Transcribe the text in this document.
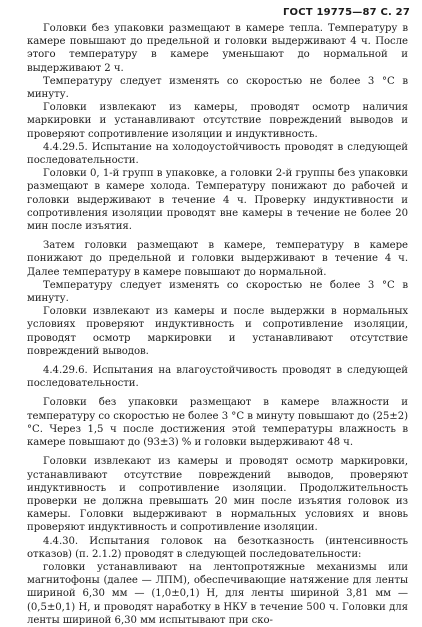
ГОСТ 19775—87 С. 27

Головки без упаковки размещают в камере тепла. Температуру в камере повышают до предельной и головки выдерживают 4 ч. После этого температуру в камере уменьшают до нормальной и выдерживают 2 ч.

Температуру следует изменять со скоростью не более 3 °С в минуту.

Головки извлекают из камеры, проводят осмотр наличия маркировки и устанавливают отсутствие повреждений выводов и проверяют сопротивление изоляции и индуктивность.

4.4.29.5. Испытание на холодоустойчивость проводят в следующей последовательности.

Головки 0, 1-й групп в упаковке, а головки 2-й группы без упаковки размещают в камере холода. Температуру понижают до рабочей и головки выдерживают в течение 4 ч. Проверку индуктивности и сопротивления изоляции проводят вне камеры в течение не более 20 мин после изъятия.

Затем головки размещают в камере, температуру в камере понижают до предельной и головки выдерживают в течение 4 ч. Далее температуру в камере повышают до нормальной.

Температуру следует изменять со скоростью не более 3 °С в минуту.

Головки извлекают из камеры и после выдержки в нормальных условиях проверяют индуктивность и сопротивление изоляции, проводят осмотр маркировки и устанавливают отсутствие повреждений выводов.

4.4.29.6. Испытания на влагоустойчивость проводят в следующей последовательности.

Головки без упаковки размещают в камере влажности и температуру со скоростью не более 3 °С в минуту повышают до (25±2) °С. Через 1,5 ч после достижения этой температуры влажность в камере повышают до (93±3) % и головки выдерживают 48 ч.

Головки извлекают из камеры и проводят осмотр маркировки, устанавливают отсутствие повреждений выводов, проверяют индуктивность и сопротивление изоляции. Продолжительность проверки не должна превышать 20 мин после изъятия головок из камеры. Головки выдерживают в нормальных условиях и вновь проверяют индуктивность и сопротивление изоляции.

4.4.30. Испытания головок на безотказность (интенсивность отказов) (п. 2.1.2) проводят в следующей последовательности:

головки устанавливают на лентопротяжные механизмы или магнитофоны (далее — ЛПМ), обеспечивающие натяжение для ленты шириной 6,30 мм — (1,0±0,1) Н, для ленты шириной 3,81 мм — (0,5±0,1) Н, и проводят наработку в НКУ в течение 500 ч. Головки для ленты шириной 6,30 мм испытывают при ско-
